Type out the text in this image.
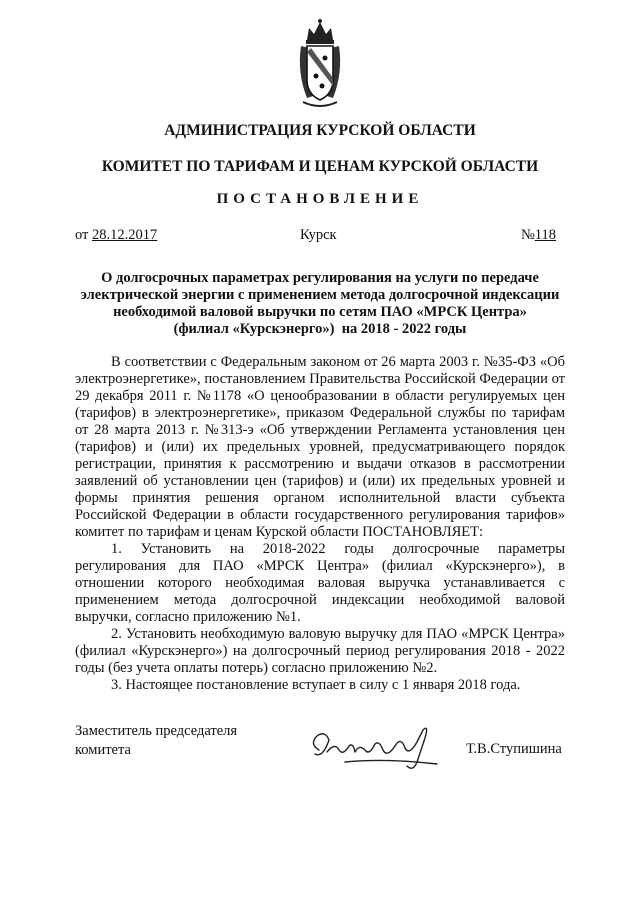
АДМИНИСТРАЦИЯ КУРСКОЙ ОБЛАСТИ
КОМИТЕТ ПО ТАРИФАМ И ЦЕНАМ КУРСКОЙ ОБЛАСТИ
ПОСТАНОВЛЕНИЕ
от 28.12.2017	Курск	№118
О долгосрочных параметрах регулирования на услуги по передаче
электрической энергии с применением метода долгосрочной индексации
необходимой валовой выручки по сетям ПАО «МРСК Центра»
(филиал «Курскэнерго»)  на 2018 - 2022 годы

В соответствии с Федеральным законом от 26 марта 2003 г. №35-ФЗ «Об электроэнергетике», постановлением Правительства Российской Федерации от 29 декабря 2011 г. №1178 «О ценообразовании в области регулируемых цен (тарифов) в электроэнергетике», приказом Федеральной службы по тарифам от 28 марта 2013 г. №313-э «Об утверждении Регламента установления цен (тарифов) и (или) их предельных уровней, предусматривающего порядок регистрации, принятия к рассмотрению и выдачи отказов в рассмотрении заявлений об установлении цен (тарифов) и (или) их предельных уровней и формы принятия решения органом исполнительной власти субъекта Российской Федерации в области государственного регулирования тарифов» комитет по тарифам и ценам Курской области ПОСТАНОВЛЯЕТ:

1. Установить на 2018-2022 годы долгосрочные параметры регулирования для ПАО «МРСК Центра» (филиал «Курскэнерго»), в отношении которого необходимая валовая выручка устанавливается с применением метода долгосрочной индексации необходимой валовой выручки, согласно приложению №1.

2. Установить необходимую валовую выручку для ПАО «МРСК Центра» (филиал «Курскэнерго») на долгосрочный период регулирования 2018 - 2022 годы (без учета оплаты потерь) согласно приложению №2.

3. Настоящее постановление вступает в силу с 1 января 2018 года.

Заместитель председателя
комитета	Т.В.Ступишина
